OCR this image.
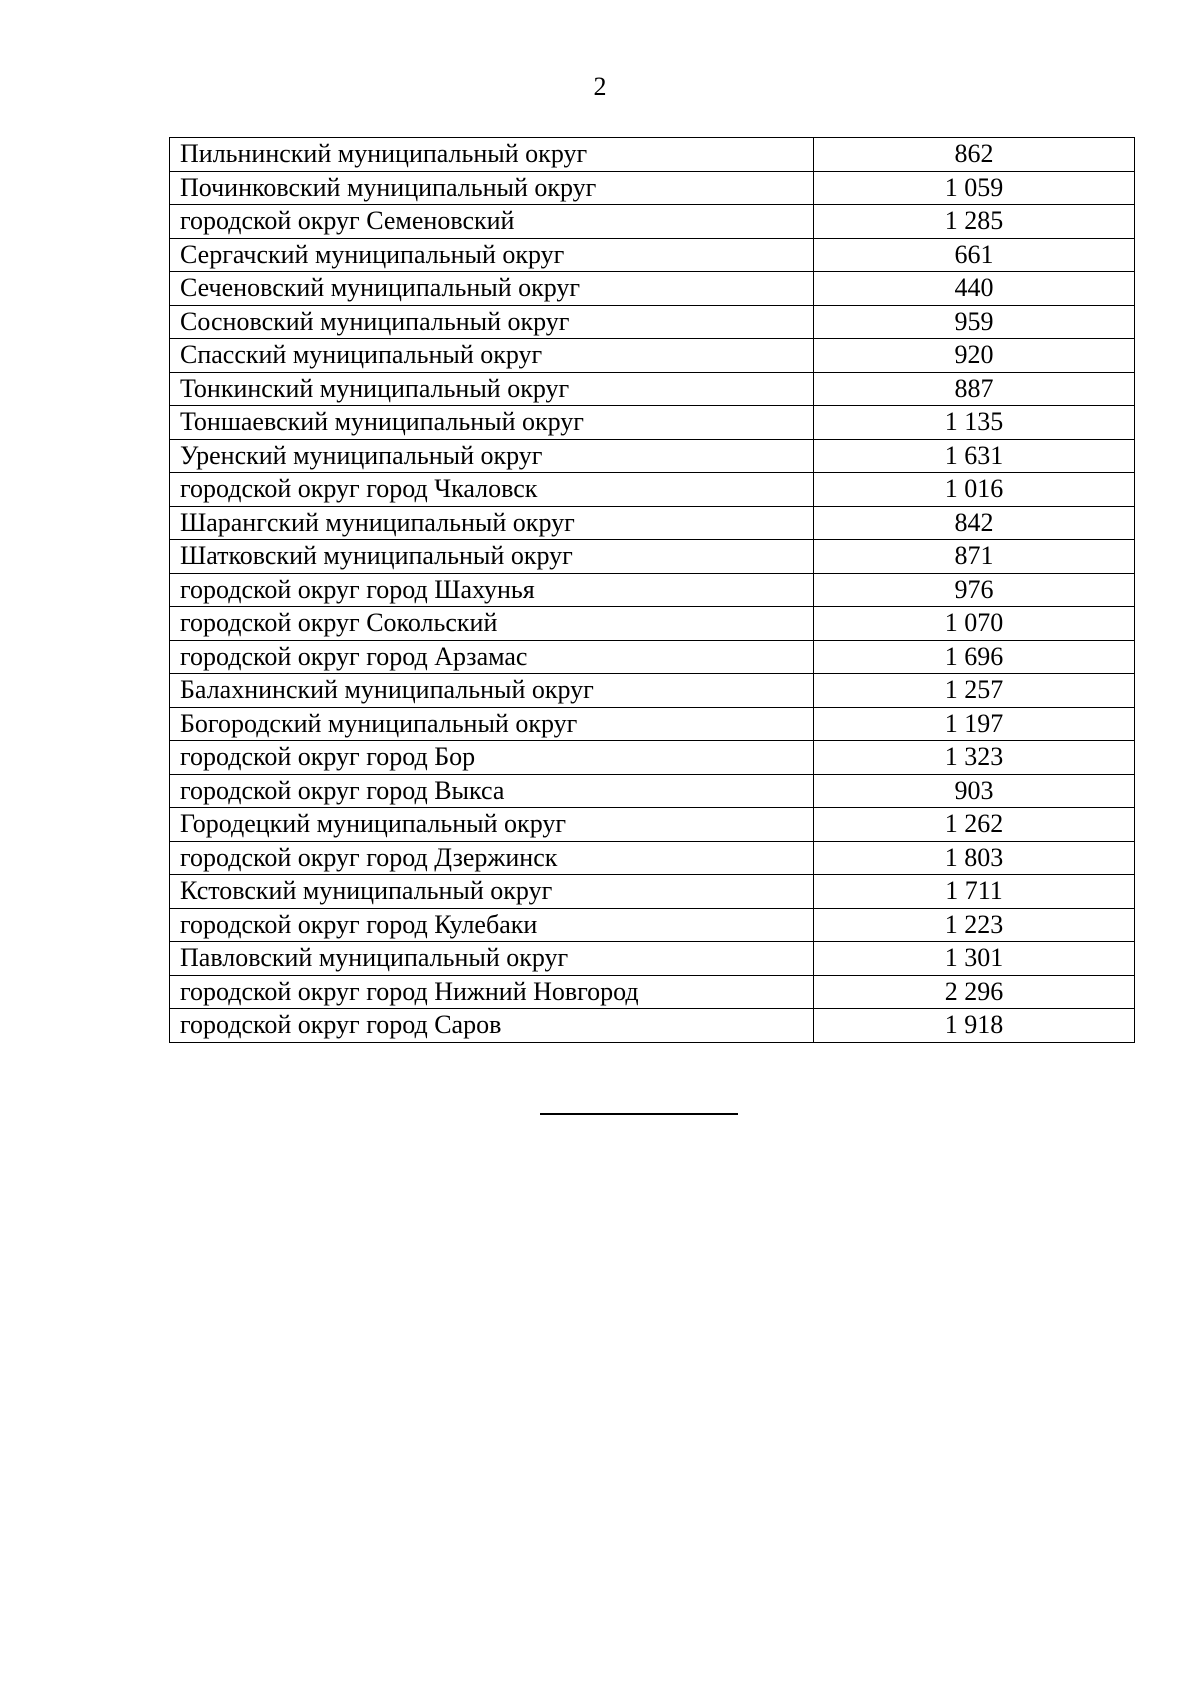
2
Пильнинский муниципальный округ	862
Починковский муниципальный округ	1 059
городской округ Семеновский	1 285
Сергачский муниципальный округ	661
Сеченовский муниципальный округ	440
Сосновский муниципальный округ	959
Спасский муниципальный округ	920
Тонкинский муниципальный округ	887
Тоншаевский муниципальный округ	1 135
Уренский муниципальный округ	1 631
городской округ город Чкаловск	1 016
Шарангский муниципальный округ	842
Шатковский муниципальный округ	871
городской округ город Шахунья	976
городской округ Сокольский	1 070
городской округ город Арзамас	1 696
Балахнинский муниципальный округ	1 257
Богородский муниципальный округ	1 197
городской округ город Бор	1 323
городской округ город Выкса	903
Городецкий муниципальный округ	1 262
городской округ город Дзержинск	1 803
Кстовский муниципальный округ	1 711
городской округ город Кулебаки	1 223
Павловский муниципальный округ	1 301
городской округ город Нижний Новгород	2 296
городской округ город Саров	1 918
